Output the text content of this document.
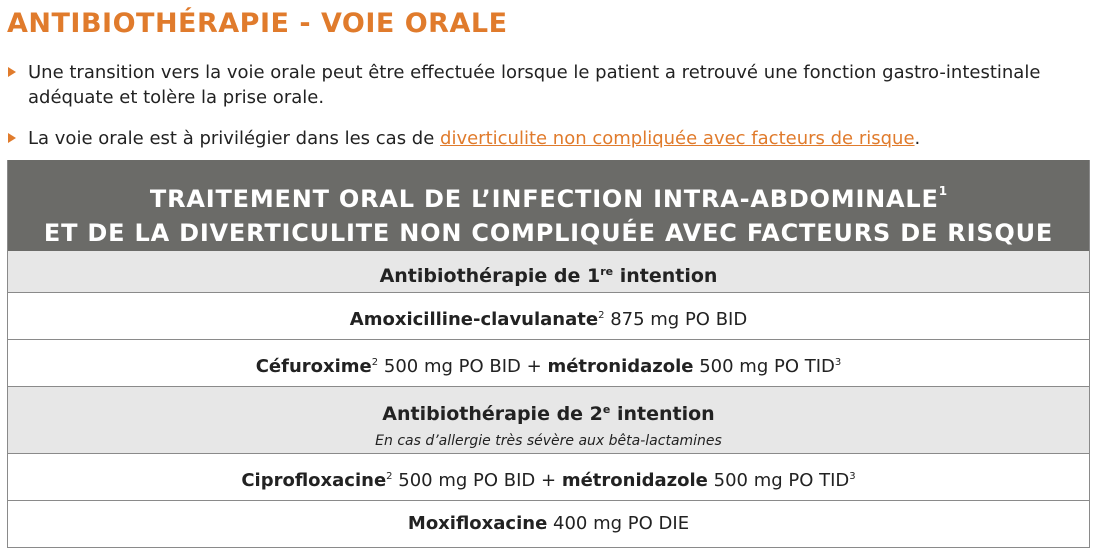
ANTIBIOTHÉRAPIE - VOIE ORALE
Une transition vers la voie orale peut être effectuée lorsque le patient a retrouvé une fonction gastro-intestinale adéquate et tolère la prise orale.
La voie orale est à privilégier dans les cas de diverticulite non compliquée avec facteurs de risque.
TRAITEMENT ORAL DE L’INFECTION INTRA-ABDOMINALE$^1$
ET DE LA DIVERTICULITE NON COMPLIQUÉE AVEC FACTEURS DE RISQUE
Antibiothérapie de 1re intention
Amoxicilline-clavulanate$^2$ 875 mg PO BID
Céfuroxime$^2$ 500 mg PO BID + métronidazole 500 mg PO TID$^3$
Antibiothérapie de 2e intention
En cas d’allergie très sévère aux bêta-lactamines
Ciprofloxacine$^2$ 500 mg PO BID + métronidazole 500 mg PO TID$^3$
Moxifloxacine 400 mg PO DIE
